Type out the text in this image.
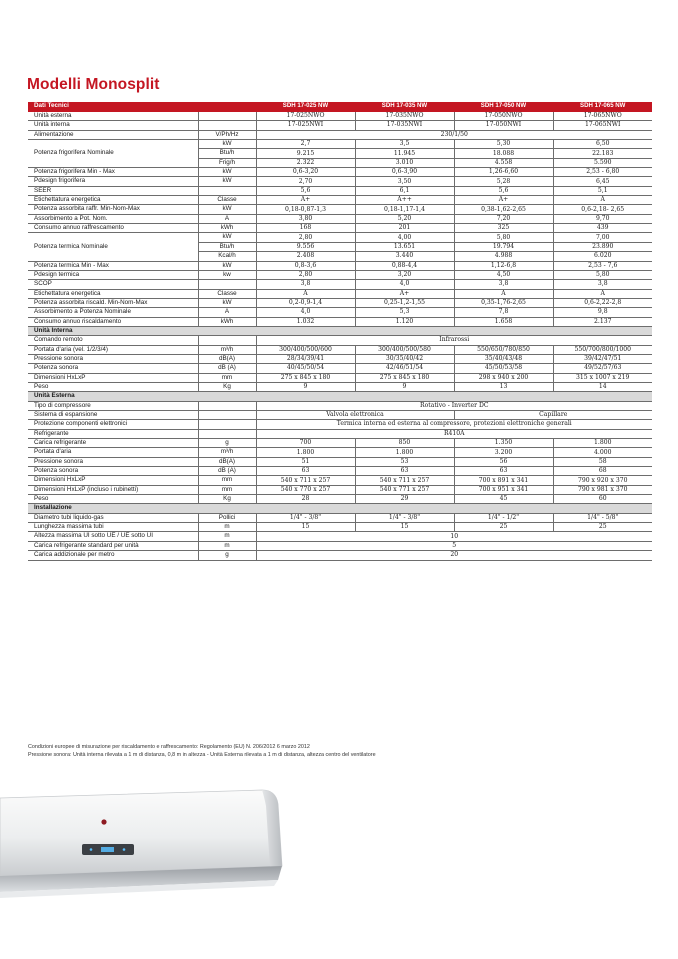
Modelli Monosplit
Dati Tecnici		SDH 17-025 NW	SDH 17-035 NW	SDH 17-050 NW	SDH 17-065 NW
Unità esterna		17-025NWO	17-035NWO	17-050NWO	17-065NWO
Unità interna		17-025NWI	17-035NWI	17-050NWI	17-065NWI
Alimentazione	V/Ph/Hz	230/1/50			
Potenza frigorifera Nominale	kW	2,7	3,5	5,30	6,50
	Btu/h	9.215	11.945	18.088	22.183
	Frig/h	2.322	3.010	4.558	5.590
Potenza frigorifera Min - Max	kW	0,6-3,20	0,6-3,90	1,26-6,60	2,53 - 6,80
Pdesign frigorifera	kW	2,70	3,50	5,28	6,45
SEER		5,6	6,1	5,6	5,1
Etichettatura energetica	Classe	A+	A++	A+	A
Potenza assorbita raffr. Min-Nom-Max	kW	0,18-0,87-1,3	0,18-1,17-1,4	0,38-1,62-2,65	0,6-2,18- 2,65
Assorbimento a Pot. Nom.	A	3,80	5,20	7,20	9,70
Consumo annuo raffrescamento	kWh	168	201	325	439
Potenza termica Nominale	kW	2,80	4,00	5,80	7,00
	Btu/h	9.556	13.651	19.794	23.890
	Kcal/h	2.408	3.440	4.988	6.020
Potenza termica Min - Max	kW	0,8-3,6	0,88-4,4	1,12-6,8	2,53 - 7,6
Pdesign termica	kw	2,80	3,20	4,50	5,80
SCOP		3,8	4,0	3,8	3,8
Etichettatura energetica	Classe	A	A+	A	A
Potenza assorbita riscald. Min-Nom-Max	kW	0,2-0,9-1,4	0,25-1,2-1,55	0,35-1,76-2,65	0,6-2,22-2,8
Assorbimento a Potenza Nominale	A	4,0	5,3	7,8	9,8
Consumo annuo riscaldamento	kWh	1.032	1.120	1.658	2.137
Unità Interna					
Comando remoto		Infrarossi			
Portata d'aria (vel. 1/2/3/4)	m³/h	300/400/500/600	300/400/500/580	550/650/780/850	550/700/800/1000
Pressione sonora	dB(A)	28/34/39/41	30/35/40/42	35/40/43/48	39/42/47/51
Potenza sonora	dB (A)	40/45/50/54	42/46/51/54	45/50/53/58	49/52/57/63
Dimensioni HxLxP	mm	275 x 845 x 180	275 x 845 x 180	298 x 940 x 200	315 x 1007 x 219
Peso	Kg	9	9	13	14
Unità Esterna					
Tipo di compressore		Rotativo - Inverter DC			
Sistema di espansione		Valvola elettronica		Capillare	
Protezione componenti elettronici		Termica interna ed esterna al compressore, protezioni elettroniche generali			
Refrigerante		R410A			
Carica refrigerante	g	700	850	1.350	1.800
Portata d'aria	m³/h	1.800	1.800	3.200	4.000
Pressione sonora	dB(A)	51	53	56	58
Potenza sonora	dB (A)	63	63	63	68
Dimensioni HxLxP	mm	540 x 711 x 257	540 x 711 x 257	700 x 891 x 341	790 x 920 x 370
Dimensioni HxLxP (incluso i rubinetti)	mm	540 x 770 x 257	540 x 771 x 257	700 x 951 x 341	790 x 981 x 370
Peso	Kg	28	29	45	60
Installazione					
Diametro tubi liquido-gas	Pollici	1/4" - 3/8"	1/4" - 3/8"	1/4" - 1/2"	1/4" - 5/8"
Lunghezza massima tubi	m	15	15	25	25
Altezza massima UI sotto UE / UE sotto UI	m	10			
Carica refrigerante standard per unità	m	5			
Carica addizionale per metro	g	20			
Condizioni europee di misurazione per riscaldamento e raffrescamento: Regolamento (EU) N. 206/2012 6 marzo 2012
Pressione sonora: Unità interna rilevata a 1 m di distanza, 0,8 m in altezza - Unità Esterna rilevata a 1 m di distanza, altezza centro del ventilatore
